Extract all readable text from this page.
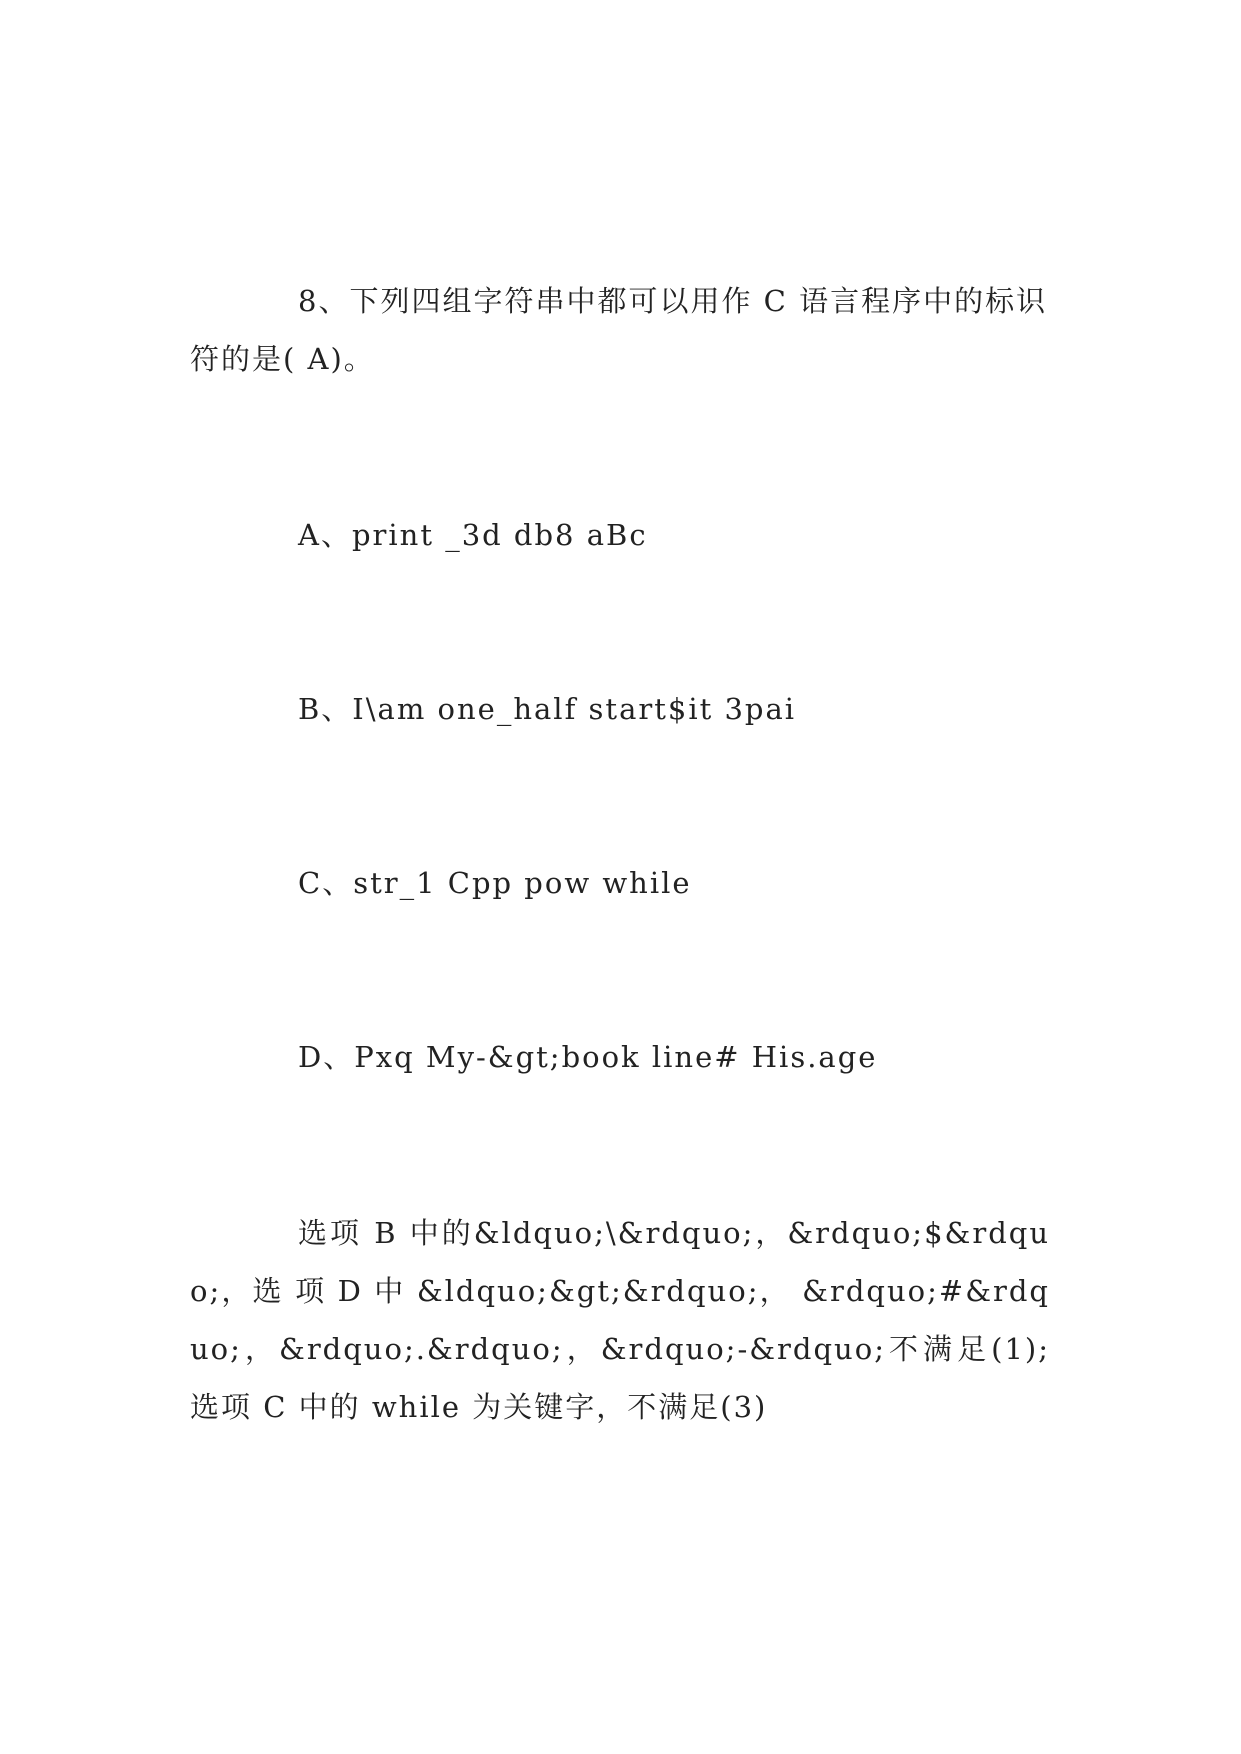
8、下列四组字符串中都可以用作 C 语言程序中的标识符的是( A)。

A、print _3d db8 aBc

B、I\am one_half start$it 3pai

C、str_1 Cpp pow while

D、Pxq My-&gt;book line# His.age

选项 B 中的&ldquo;\&rdquo;，&rdquo;$&rdquo;，选 项 D 中 &ldquo;&gt;&rdquo;， &rdquo;#&rdquo;，&rdquo;.&rdquo;，&rdquo;-&rdquo;不满足(1);选项 C 中的 while 为关键字，不满足(3)
